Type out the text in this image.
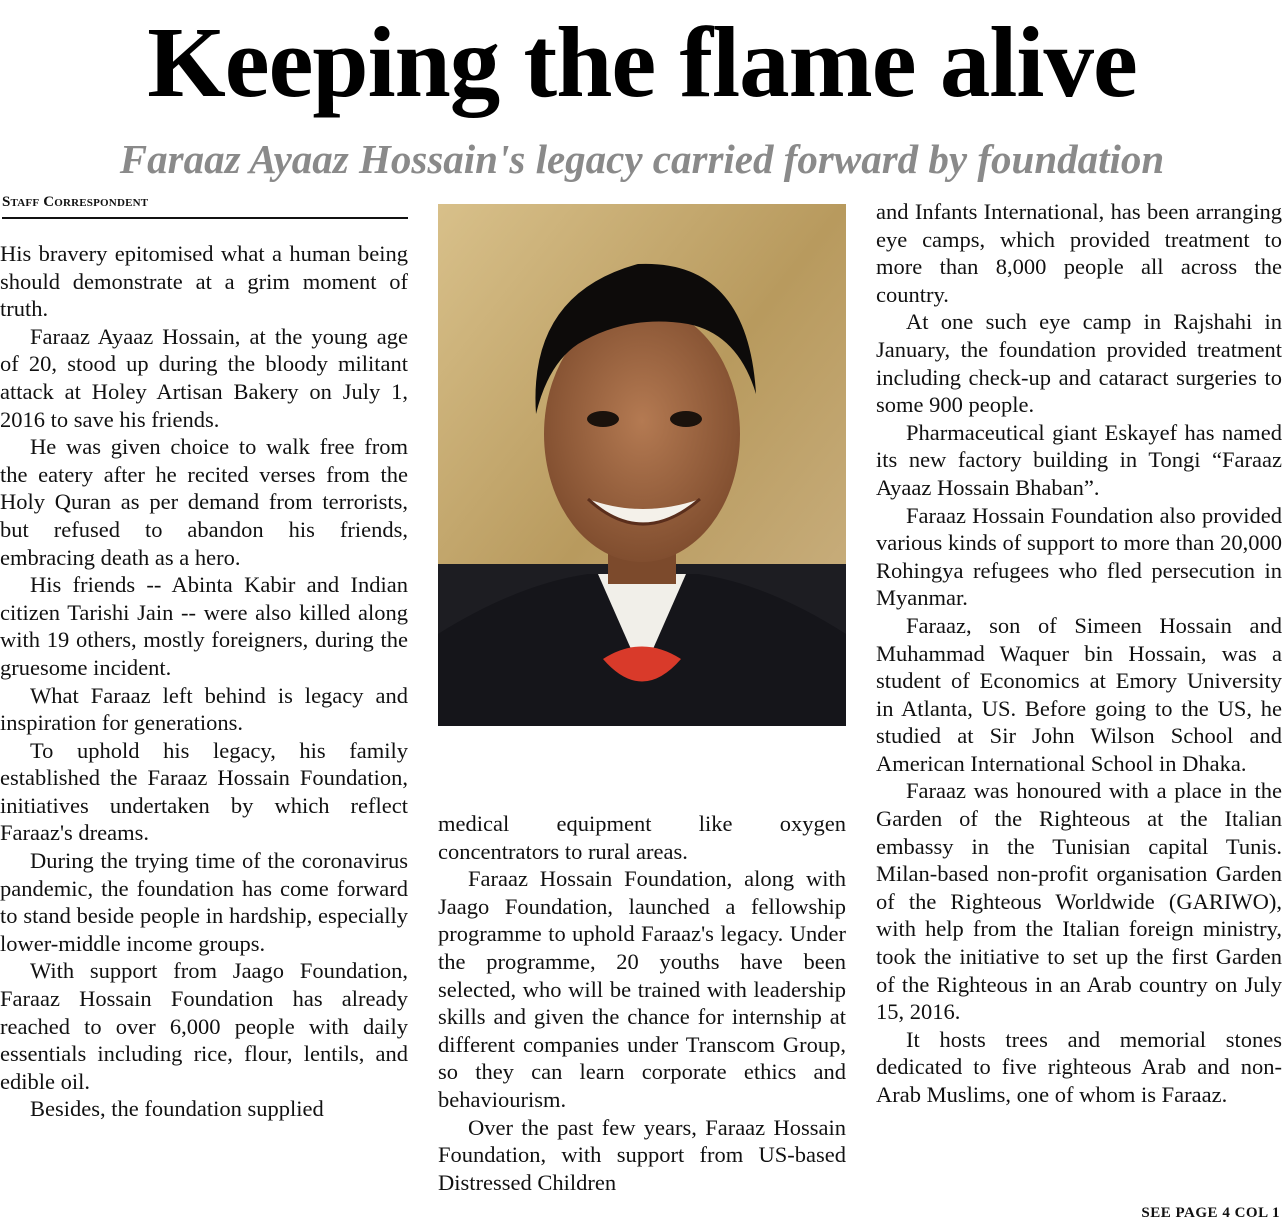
Keeping the flame alive
Faraaz Ayaaz Hossain's legacy carried forward by foundation
Staff Correspondent

His bravery epitomised what a human being should demonstrate at a grim moment of truth.

Faraaz Ayaaz Hossain, at the young age of 20, stood up during the bloody militant attack at Holey Artisan Bakery on July 1, 2016 to save his friends.

He was given choice to walk free from the eatery after he recited verses from the Holy Quran as per demand from terrorists, but refused to abandon his friends, embracing death as a hero.

His friends -- Abinta Kabir and Indian citizen Tarishi Jain -- were also killed along with 19 others, mostly foreigners, during the gruesome incident.

What Faraaz left behind is legacy and inspiration for generations.

To uphold his legacy, his family established the Faraaz Hossain Foundation, initiatives undertaken by which reflect Faraaz's dreams.

During the trying time of the coronavirus pandemic, the foundation has come forward to stand beside people in hardship, especially lower-middle income groups.

With support from Jaago Foundation, Faraaz Hossain Foundation has already reached to over 6,000 people with daily essentials including rice, flour, lentils, and edible oil.

Besides, the foundation supplied

medical equipment like oxygen concentrators to rural areas.

Faraaz Hossain Foundation, along with Jaago Foundation, launched a fellowship programme to uphold Faraaz's legacy. Under the programme, 20 youths have been selected, who will be trained with leadership skills and given the chance for internship at different companies under Transcom Group, so they can learn corporate ethics and behaviourism.

Over the past few years, Faraaz Hossain Foundation, with support from US-based Distressed Children

and Infants International, has been arranging eye camps, which provided treatment to more than 8,000 people all across the country.

At one such eye camp in Rajshahi in January, the foundation provided treatment including check-up and cataract surgeries to some 900 people.

Pharmaceutical giant Eskayef has named its new factory building in Tongi “Faraaz Ayaaz Hossain Bhaban”.

Faraaz Hossain Foundation also provided various kinds of support to more than 20,000 Rohingya refugees who fled persecution in Myanmar.

Faraaz, son of Simeen Hossain and Muhammad Waquer bin Hossain, was a student of Economics at Emory University in Atlanta, US. Before going to the US, he studied at Sir John Wilson School and American International School in Dhaka.

Faraaz was honoured with a place in the Garden of the Righteous at the Italian embassy in the Tunisian capital Tunis. Milan-based non-profit organisation Garden of the Righteous Worldwide (GARIWO), with help from the Italian foreign ministry, took the initiative to set up the first Garden of the Righteous in an Arab country on July 15, 2016.

It hosts trees and memorial stones dedicated to five righteous Arab and non-Arab Muslims, one of whom is Faraaz.

SEE PAGE 4 COL 1
